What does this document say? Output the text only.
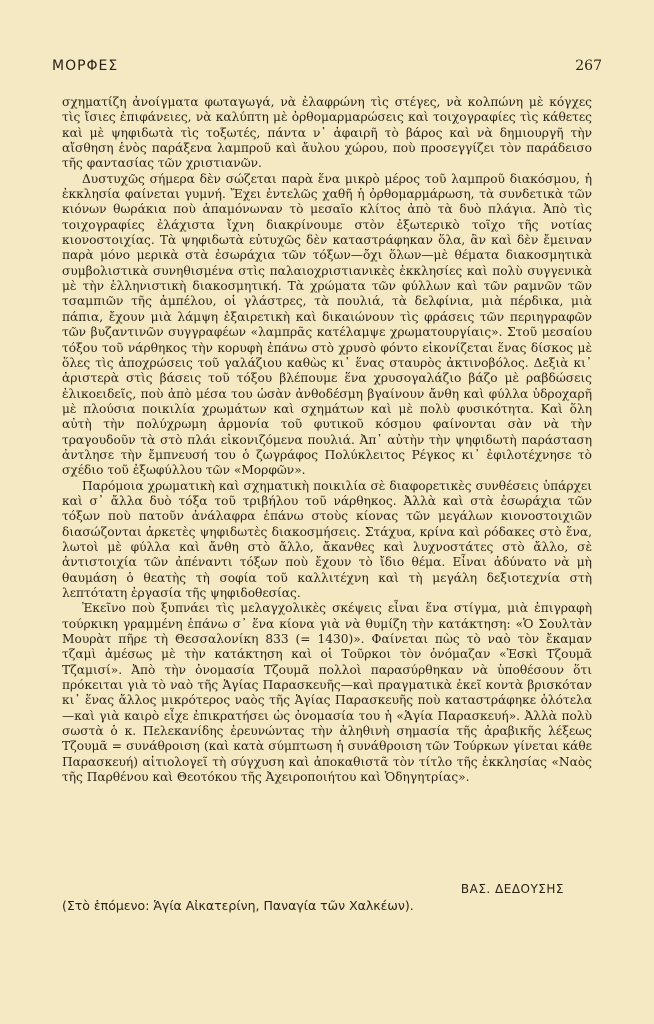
ΜΟΡΦΕΣ	267

σχηματίζη ἀνοίγματα φωταγωγά, νὰ ἐλαφρώνη τὶς στέγες, νὰ κολπώνη μὲ κόγχες τὶς ἴσιες ἐπιφάνειες, νὰ καλύπτη μὲ ὀρθομαρμαρώσεις καὶ τοιχογραφίες τὶς κάθετες καὶ μὲ ψηφιδωτὰ τὶς τοξωτές, πάντα ν᾿ ἀφαιρῆ τὸ βάρος καὶ νὰ δημιουργῆ τὴν αἴσθηση ἑνὸς παράξενα λαμπροῦ καὶ ἄυλου χώρου, ποὺ προσεγγίζει τὸν παράδεισο τῆς φαντασίας τῶν χριστιανῶν.

Δυστυχῶς σήμερα δὲν σώζεται παρὰ ἕνα μικρὸ μέρος τοῦ λαμπροῦ διακόσμου, ἡ ἐκκλησία φαίνεται γυμνή. Ἔχει ἐντελῶς χαθῆ ἡ ὀρθομαρμάρωση, τὰ συνδετικὰ τῶν κιόνων θωράκια ποὺ ἀπαμόνωναν τὸ μεσαῖο κλίτος ἀπὸ τὰ δυὸ πλάγια. Ἀπὸ τὶς τοιχογραφίες ἐλάχιστα ἴχνη διακρίνουμε στὸν ἐξωτερικὸ τοῖχο τῆς νοτίας κιονοστοιχίας. Τὰ ψηφιδωτὰ εὐτυχῶς δὲν καταστράφηκαν ὅλα, ἂν καὶ δὲν ἔμειναν παρὰ μόνο μερικὰ στὰ ἐσωράχια τῶν τόξων—ὄχι ὅλων—μὲ θέματα διακοσμητικὰ συμβολιστικὰ συνηθισμένα στὶς παλαιοχριστιανικὲς ἐκκλησίες καὶ πολὺ συγγενικὰ μὲ τὴν ἑλληνιστικὴ διακοσμητική. Τὰ χρώματα τῶν φύλλων καὶ τῶν ραμνῶν τῶν τσαμπιῶν τῆς ἀμπέλου, οἱ γλάστρες, τὰ πουλιά, τὰ δελφίνια, μιὰ πέρδικα, μιὰ πάπια, ἔχουν μιὰ λάμψη ἐξαιρετικὴ καὶ δικαιώνουν τὶς φράσεις τῶν περιηγραφῶν τῶν βυζαντινῶν συγγραφέων «λαμπρᾶς κατέλαμψε χρωματουργίαις». Στοῦ μεσαίου τόξου τοῦ νάρθηκος τὴν κορυφὴ ἐπάνω στὸ χρυσὸ φόντο εἰκονίζεται ἕνας δίσκος μὲ ὅλες τὶς ἀποχρώσεις τοῦ γαλάζιου καθὼς κι᾿ ἕνας σταυρὸς ἀκτινοβόλος. Δεξιὰ κι᾿ ἀριστερὰ στὶς βάσεις τοῦ τόξου βλέπουμε ἕνα χρυσογαλάζιο βάζο μὲ ραβδώσεις ἐλικοειδεῖς, ποὺ ἀπὸ μέσα του ὡσὰν ἀνθοδέσμη βγαίνουν ἄνθη καὶ φύλλα ὑδροχαρῆ μὲ πλούσια ποικιλία χρωμάτων καὶ σχημάτων καὶ μὲ πολὺ φυσικότητα. Καὶ ὅλη αὐτὴ τὴν πολύχρωμη ἁρμονία τοῦ φυτικοῦ κόσμου φαίνονται σὰν νὰ τὴν τραγουδοῦν τὰ στὸ πλάι εἰκονιζόμενα πουλιά. Ἀπ᾿ αὐτὴν τὴν ψηφιδωτὴ παράσταση ἀντλησε τὴν ἔμπνευσή του ὁ ζωγράφος Πολύκλειτος Ρέγκος κι᾿ ἐφιλοτέχνησε τὸ σχέδιο τοῦ ἐξωφύλλου τῶν «Μορφῶν».

Παρόμοια χρωματικὴ καὶ σχηματικὴ ποικιλία σὲ διαφορετικὲς συνθέσεις ὑπάρχει καὶ σ᾿ ἄλλα δυὸ τόξα τοῦ τριβήλου τοῦ νάρθηκος. Ἀλλὰ καὶ στὰ ἐσωράχια τῶν τόξων ποὺ πατοῦν ἀνάλαφρα ἐπάνω στοὺς κίονας τῶν μεγάλων κιονοστοιχιῶν διασώζονται ἀρκετὲς ψηφιδωτὲς διακοσμήσεις. Στάχυα, κρίνα καὶ ρόδακες στὸ ἕνα, λωτοὶ μὲ φύλλα καὶ ἄνθη στὸ ἄλλο, ἄκανθες καὶ λυχνοστάτες στὸ ἄλλο, σὲ ἀντιστοιχία τῶν ἀπέναντι τόξων ποὺ ἔχουν τὸ ἴδιο θέμα. Εἶναι ἀδύνατο νὰ μὴ θαυμάση ὁ θεατὴς τὴ σοφία τοῦ καλλιτέχνη καὶ τὴ μεγάλη δεξιοτεχνία στὴ λεπτότατη ἐργασία τῆς ψηφιδοθεσίας.

Ἐκεῖνο ποὺ ξυπνάει τὶς μελαγχολικὲς σκέψεις εἶναι ἕνα στίγμα, μιὰ ἐπιγραφὴ τούρκικη γραμμένη ἐπάνω σ᾿ ἕνα κίονα γιὰ νὰ θυμίζη τὴν κατάκτηση: «Ὁ Σουλτὰν Μουρὰτ πῆρε τὴ Θεσσαλονίκη 833 (= 1430)». Φαίνεται πὼς τὸ ναὸ τὸν ἔκαμαν τζαμὶ ἀμέσως μὲ τὴν κατάκτηση καὶ οἱ Τοῦρκοι τὸν ὀνόμαζαν «Ἐσκὶ Τζουμᾶ Τζαμισί». Ἀπὸ τὴν ὀνομασία Τζουμᾶ πολλοὶ παρασύρθηκαν νὰ ὑποθέσουν ὅτι πρόκειται γιὰ τὸ ναὸ τῆς Ἁγίας Παρασκευῆς—καὶ πραγματικὰ ἐκεῖ κοντὰ βρισκόταν κι᾿ ἕνας ἄλλος μικρότερος ναὸς τῆς Ἁγίας Παρασκευῆς ποὺ καταστράφηκε ὁλότελα—καὶ γιὰ καιρὸ εἶχε ἐπικρατήσει ὡς ὀνομασία του ἡ «Ἁγία Παρασκευή». Ἀλλὰ πολὺ σωστὰ ὁ κ. Πελεκανίδης ἐρευνώντας τὴν ἀληθινὴ σημασία τῆς ἀραβικῆς λέξεως Τζουμᾶ = συνάθροιση (καὶ κατὰ σύμπτωση ἡ συνάθροιση τῶν Τούρκων γίνεται κάθε Παρασκευή) αἰτιολογεῖ τὴ σύγχυση καὶ ἀποκαθιστᾶ τὸν τίτλο τῆς ἐκκλησίας «Ναὸς τῆς Παρθένου καὶ Θεοτόκου τῆς Ἀχειροποιήτου καὶ Ὁδηγητρίας».

ΒΑΣ. ΔΕΔΟΥΣΗΣ
(Στὸ ἑπόμενο: Ἁγία Αἰκατερίνη, Παναγία τῶν Χαλκέων).
